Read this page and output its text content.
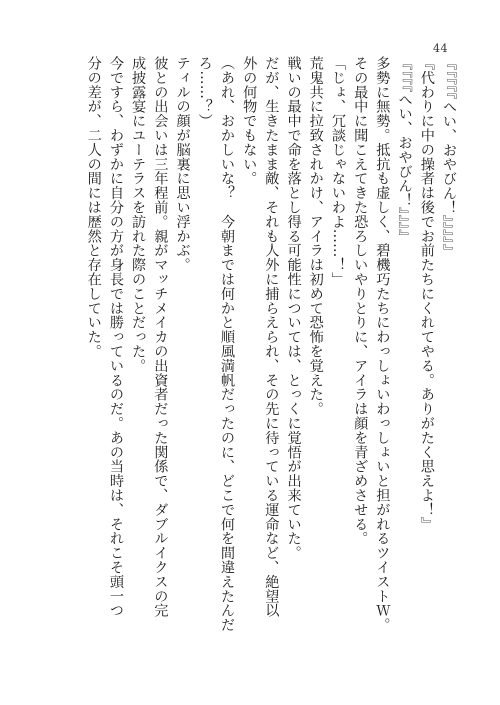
44
『『『『『へい、おやびん！』』』』』
『代わりに中の操者は後でお前たちにくれてやる。ありがたく思えよ！』
『『『『へい、おやびん！』』』』
多勢に無勢。抵抗も虚しく、碧機巧たちにわっしょいわっしょいと担がれるツイストＷ。
その最中に聞こえてきた恐ろしいやりとりに、アイラは顔を青ざめさせる。
「じょ、冗談じゃないわよ……！」
荒鬼共に拉致されかけ、アイラは初めて恐怖を覚えた。
戦いの最中で命を落とし得る可能性については、とっくに覚悟が出来ていた。
だが、生きたまま敵、それも人外に捕らえられ、その先に待っている運命など、絶望以
外の何物でもない。
（あれ、おかしいな？　今朝までは何かと順風満帆だったのに、どこで何を間違えたんだ
ろ……？）
ティルの顔が脳裏に思い浮かぶ。
彼との出会いは三年程前。親がマッチメイカの出資者だった関係で、ダブルイクスの完
成披露宴にユーテラスを訪れた際のことだった。
今ですら、わずかに自分の方が身長では勝っているのだ。あの当時は、それこそ頭一つ
分の差が、二人の間には歴然と存在していた。
